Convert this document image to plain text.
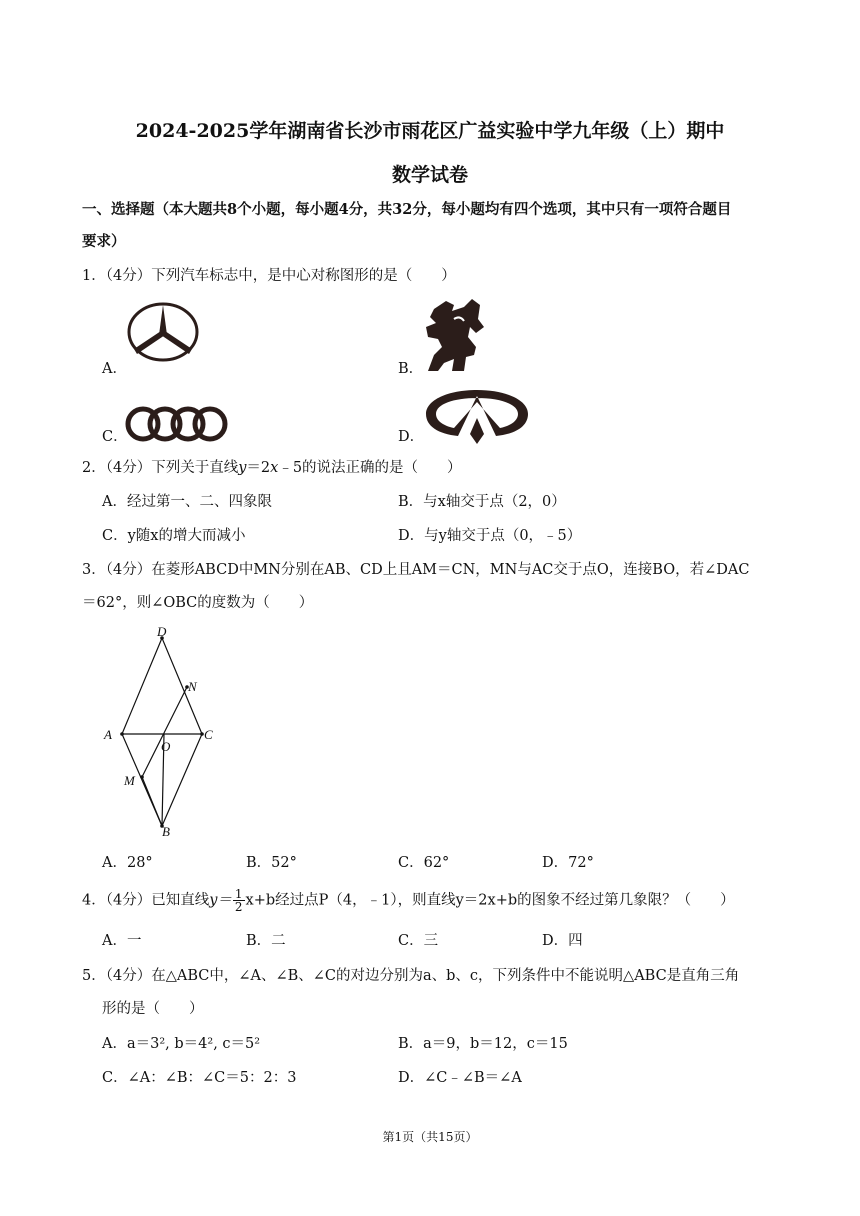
2024-2025学年湖南省长沙市雨花区广益实验中学九年级（上）期中
数学试卷
一、选择题（本大题共8个小题，每小题4分，共32分，每小题均有四个选项，其中只有一项符合题目
要求）
1．（4分）下列汽车标志中，是中心对称图形的是（　　）
A．	B．
C．	D．
2．（4分）下列关于直线y＝2x﹣5的说法正确的是（　　）
A．经过第一、二、四象限	B．与x轴交于点（2，0）
C．y随x的增大而减小	D．与y轴交于点（0，﹣5）
3．（4分）在菱形ABCD中MN分别在AB、CD上且AM＝CN，MN与AC交于点O，连接BO，若∠DAC
＝62°，则∠OBC的度数为（　　）
D
N
A
O
C
M
B
A．28°	B．52°	C．62°	D．72°
4．（4分）已知直线$y= \frac{1}{2} x+b$经过点P（4，﹣1），则直线y＝2x+b的图象不经过第几象限？（　　）
A．一	B．二	C．三	D．四
5．（4分）在△ABC中，∠A、∠B、∠C的对边分别为a、b、c，下列条件中不能说明△ABC是直角三角
形的是（　　）
A．a＝3², b＝4², c＝5²	B．a＝9，b＝12，c＝15
C．∠A：∠B：∠C＝5：2：3	D．∠C﹣∠B＝∠A
第1页（共15页）
